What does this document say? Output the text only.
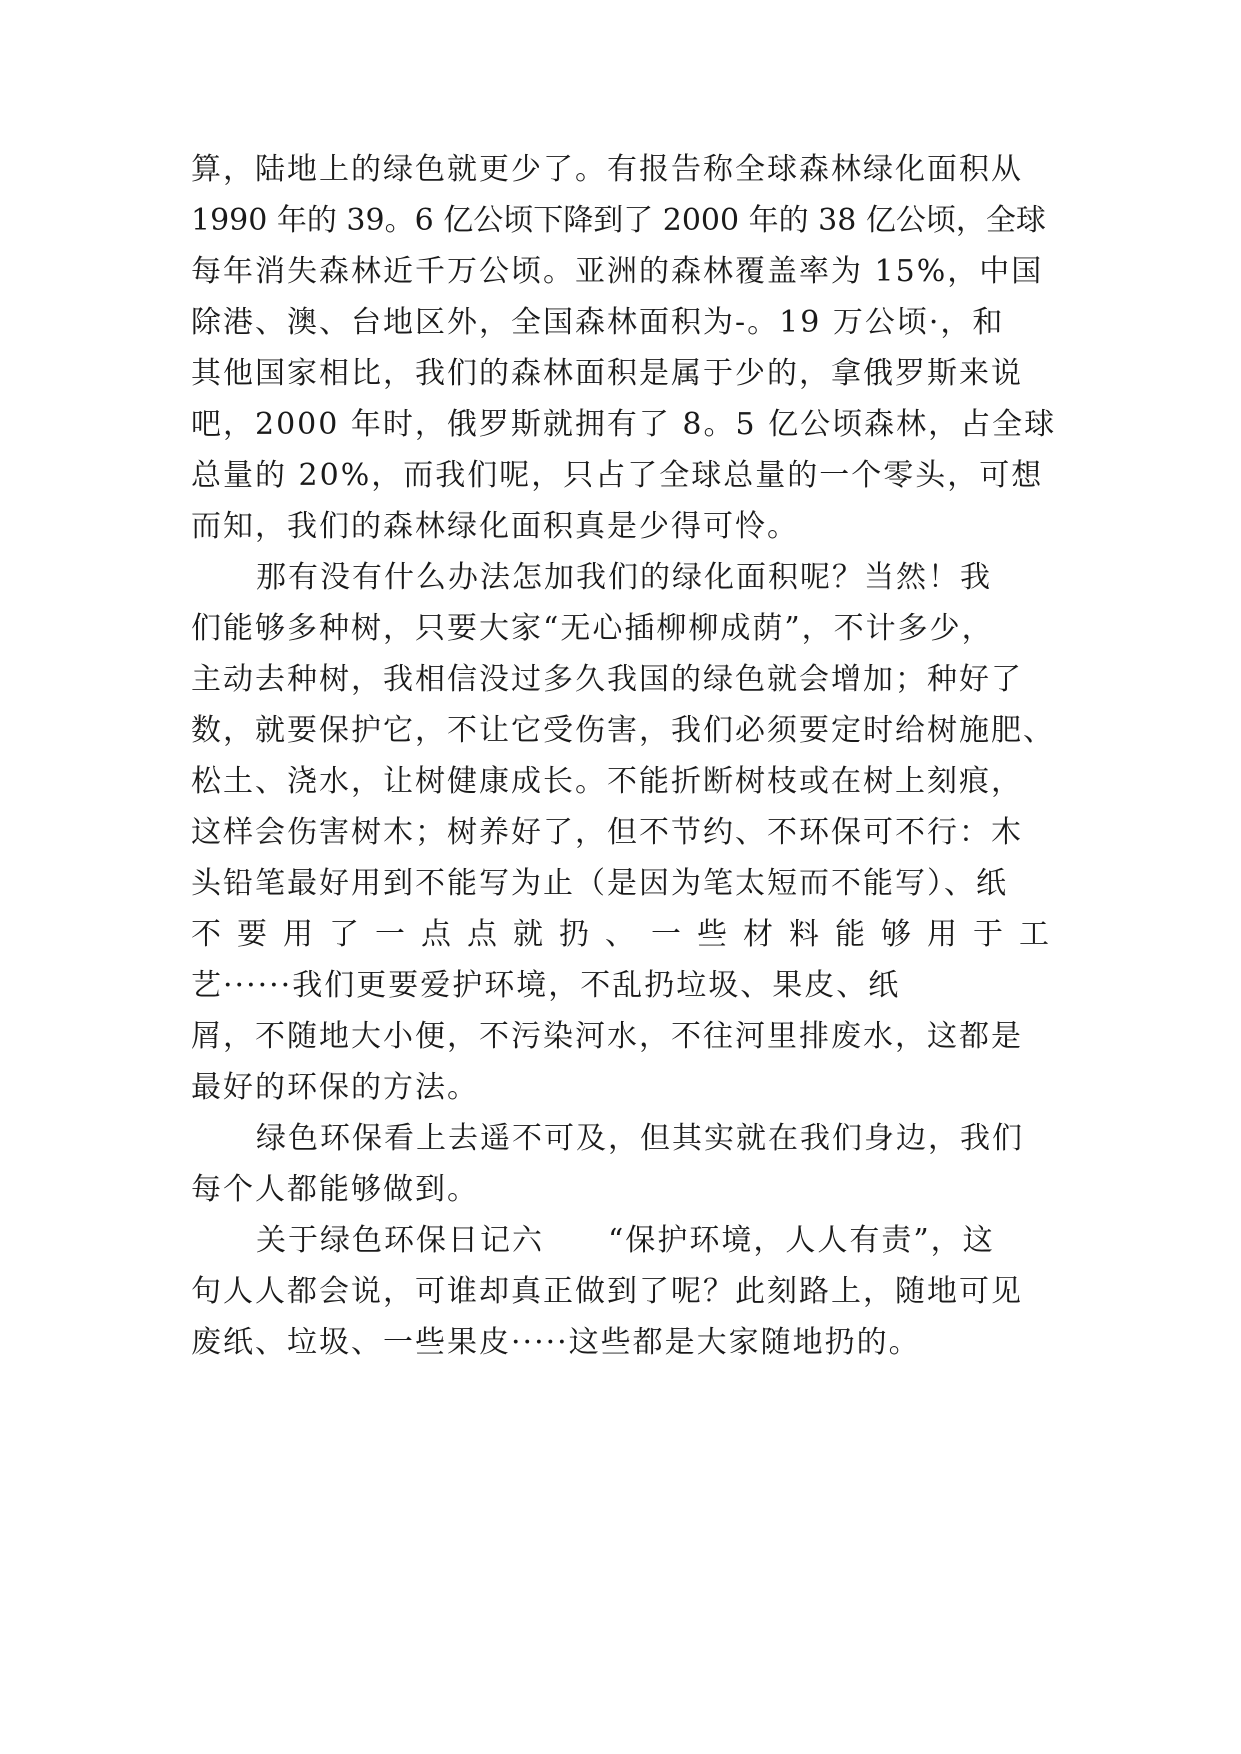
算，陆地上的绿色就更少了。有报告称全球森林绿化面积从

1990 年的 39。6 亿公顷下降到了 2000 年的 38 亿公顷，全球

每年消失森林近千万公顷。亚洲的森林覆盖率为 15%，中国

除港、澳、台地区外，全国森林面积为-。19 万公顷·，和

其他国家相比，我们的森林面积是属于少的，拿俄罗斯来说

吧，2000 年时，俄罗斯就拥有了 8。5 亿公顷森林，占全球

总量的 20%，而我们呢，只占了全球总量的一个零头，可想

而知，我们的森林绿化面积真是少得可怜。

那有没有什么办法怎加我们的绿化面积呢？当然！我

们能够多种树，只要大家“无心插柳柳成荫”，不计多少，

主动去种树，我相信没过多久我国的绿色就会增加；种好了

数，就要保护它，不让它受伤害，我们必须要定时给树施肥、

松土、浇水，让树健康成长。不能折断树枝或在树上刻痕，

这样会伤害树木；树养好了，但不节约、不环保可不行：木

头铅笔最好用到不能写为止（是因为笔太短而不能写）、纸

不要用了一点点就扔、一些材料能够用于工

艺······我们更要爱护环境，不乱扔垃圾、果皮、纸

屑，不随地大小便，不污染河水，不往河里排废水，这都是

最好的环保的方法。

绿色环保看上去遥不可及，但其实就在我们身边，我们

每个人都能够做到。

关于绿色环保日记六　　“保护环境，人人有责”，这

句人人都会说，可谁却真正做到了呢？此刻路上，随地可见

废纸、垃圾、一些果皮·····这些都是大家随地扔的。
